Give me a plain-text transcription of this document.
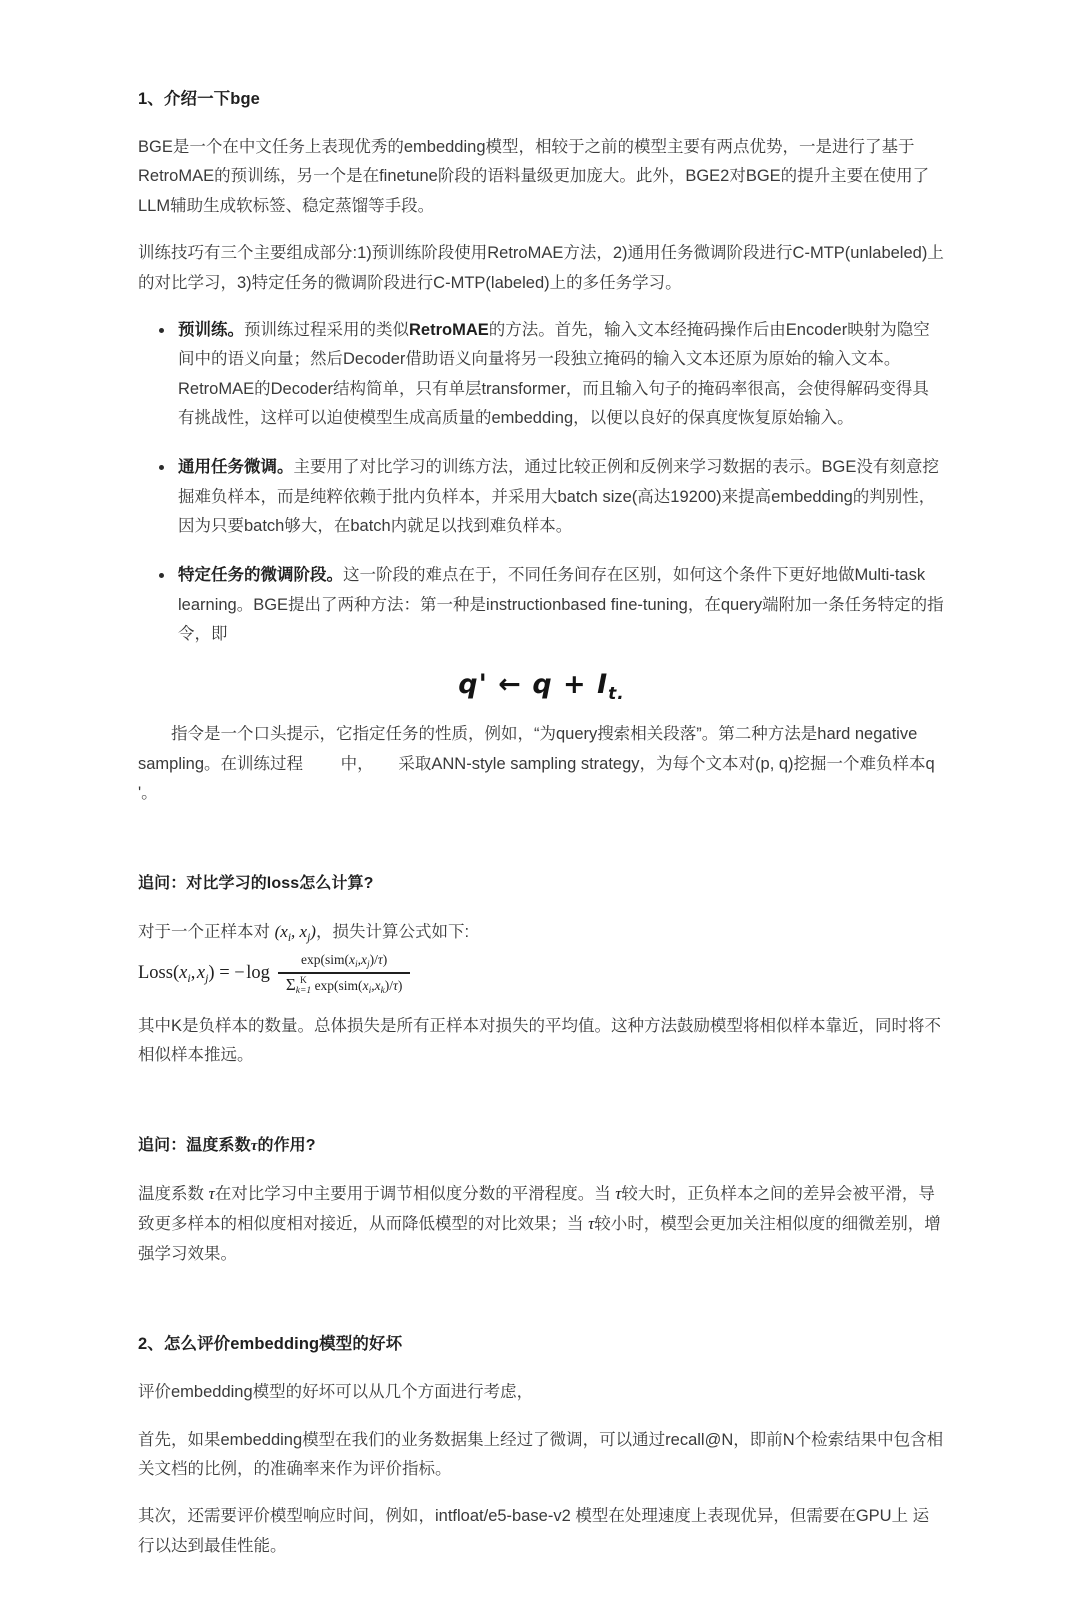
1、介绍一下bge

BGE是一个在中文任务上表现优秀的embedding模型，相较于之前的模型主要有两点优势，一是进行了基于RetroMAE的预训练，另一个是在finetune阶段的语料量级更加庞大。此外，BGE2对BGE的提升主要在使用了LLM辅助生成软标签、稳定蒸馏等手段。

训练技巧有三个主要组成部分:1)预训练阶段使用RetroMAE方法，2)通用任务微调阶段进行C-MTP(unlabeled)上的对比学习，3)特定任务的微调阶段进行C-MTP(labeled)上的多任务学习。

预训练。预训练过程采用的类似RetroMAE的方法。首先，输入文本经掩码操作后由Encoder映射为隐空间中的语义向量；然后Decoder借助语义向量将另一段独立掩码的输入文本还原为原始的输入文本。RetroMAE的Decoder结构简单，只有单层transformer，而且输入句子的掩码率很高，会使得解码变得具有挑战性，这样可以迫使模型生成高质量的embedding，以便以良好的保真度恢复原始输入。
通用任务微调。主要用了对比学习的训练方法，通过比较正例和反例来学习数据的表示。BGE没有刻意挖掘难负样本，而是纯粹依赖于批内负样本，并采用大batch size(高达19200)来提高embedding的判别性，因为只要batch够大，在batch内就足以找到难负样本。
特定任务的微调阶段。这一阶段的难点在于，不同任务间存在区别，如何这个条件下更好地做Multi-task learning。BGE提出了两种方法：第一种是instructionbased fine-tuning，在query端附加一条任务特定的指令，即
q' ← $q + I_{t.}$

　　指令是一个口头提示，它指定任务的性质，例如，“为query搜索相关段落”。第二种方法是hard negative sampling。在训练过程　　 中，　　采取ANN-style sampling strategy，为每个文本对(p, q)挖掘一个难负样本q '。

追问：对比学习的loss怎么计算?

对于一个正样本对 ($x_i$, $x_j$)，损失计算公式如下:

$Loss(x_i$, $x_j$) = − $\log \exp(sim(x_i,x_j)/\tau)$
Σ K
k=1 $\exp(sim(x_i,x_k)/\tau)$

其中K是负样本的数量。总体损失是所有正样本对损失的平均值。这种方法鼓励模型将相似样本靠近，同时将不相似样本推远。

追问：温度系数τ的作用?

温度系数 τ在对比学习中主要用于调节相似度分数的平滑程度。当 τ较大时，正负样本之间的差异会被平滑，导致更多样本的相似度相对接近，从而降低模型的对比效果；当 τ较小时，模型会更加关注相似度的细微差别，增强学习效果。

2、怎么评价embedding模型的好坏

评价embedding模型的好坏可以从几个方面进行考虑，

首先，如果embedding模型在我们的业务数据集上经过了微调，可以通过recall@N，即前N个检索结果中包含相关文档的比例，的准确率来作为评价指标。

其次，还需要评价模型响应时间，例如，intfloat/e5-base-v2 模型在处理速度上表现优异，但需要在GPU上 运行以达到最佳性能。
